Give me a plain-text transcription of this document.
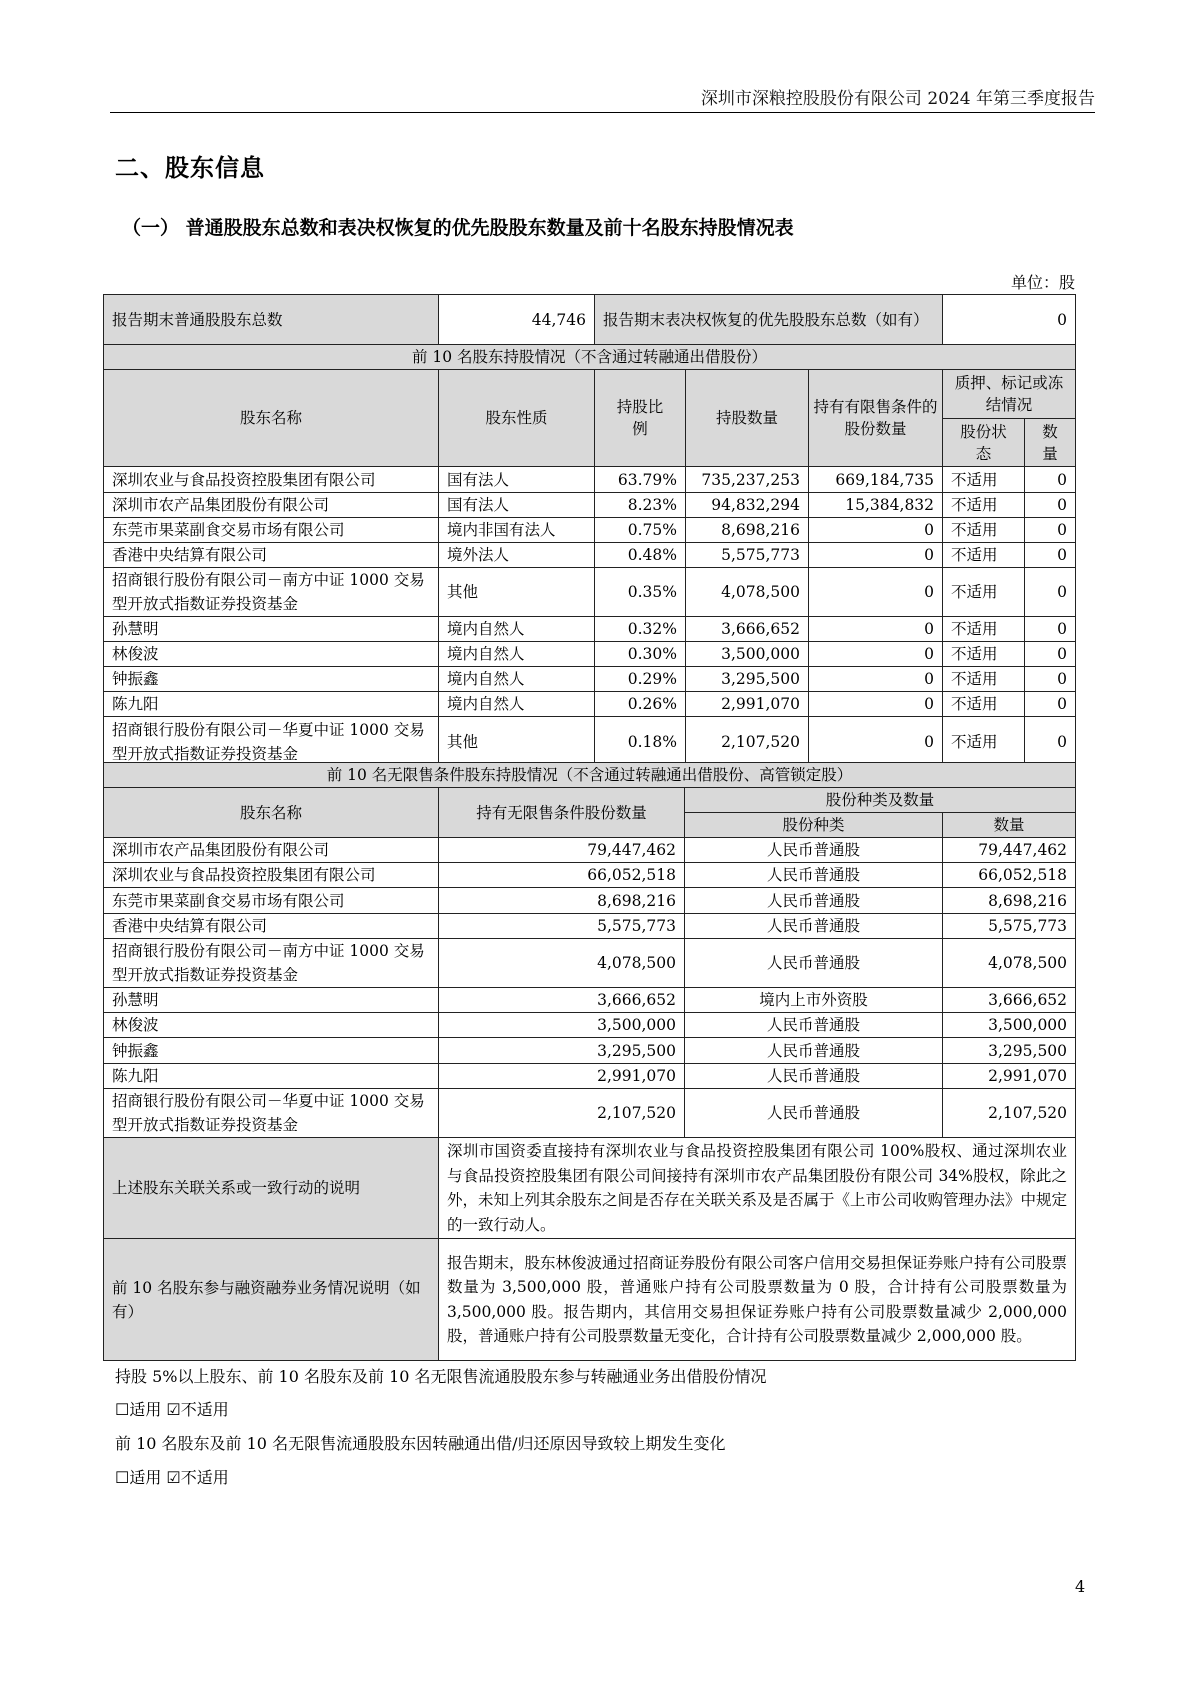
深圳市深粮控股股份有限公司 2024 年第三季度报告
二、股东信息
（一） 普通股股东总数和表决权恢复的优先股股东数量及前十名股东持股情况表
单位：股
报告期末普通股股东总数	44,746	报告期末表决权恢复的优先股股东总数（如有）			0	
前 10 名股东持股情况（不含通过转融通出借股份）						
股东名称	股东性质	持股比例	持股数量	持有有限售条件的股份数量	质押、标记或冻结情况	
					股份状态	数量
深圳农业与食品投资控股集团有限公司	国有法人	63.79%	735,237,253	669,184,735	不适用	0
深圳市农产品集团股份有限公司	国有法人	8.23%	94,832,294	15,384,832	不适用	0
东莞市果菜副食交易市场有限公司	境内非国有法人	0.75%	8,698,216	0	不适用	0
香港中央结算有限公司	境外法人	0.48%	5,575,773	0	不适用	0
招商银行股份有限公司－南方中证 1000 交易型开放式指数证券投资基金	其他	0.35%	4,078,500	0	不适用	0
孙慧明	境内自然人	0.32%	3,666,652	0	不适用	0
林俊波	境内自然人	0.30%	3,500,000	0	不适用	0
钟振鑫	境内自然人	0.29%	3,295,500	0	不适用	0
陈九阳	境内自然人	0.26%	2,991,070	0	不适用	0
招商银行股份有限公司－华夏中证 1000 交易型开放式指数证券投资基金	其他	0.18%	2,107,520	0	不适用	0
前 10 名无限售条件股东持股情况（不含通过转融通出借股份、高管锁定股）			
股东名称	持有无限售条件股份数量	股份种类及数量	
		股份种类	数量
深圳市农产品集团股份有限公司	79,447,462	人民币普通股	79,447,462
深圳农业与食品投资控股集团有限公司	66,052,518	人民币普通股	66,052,518
东莞市果菜副食交易市场有限公司	8,698,216	人民币普通股	8,698,216
香港中央结算有限公司	5,575,773	人民币普通股	5,575,773
招商银行股份有限公司－南方中证 1000 交易型开放式指数证券投资基金	4,078,500	人民币普通股	4,078,500
孙慧明	3,666,652	境内上市外资股	3,666,652
林俊波	3,500,000	人民币普通股	3,500,000
钟振鑫	3,295,500	人民币普通股	3,295,500
陈九阳	2,991,070	人民币普通股	2,991,070
招商银行股份有限公司－华夏中证 1000 交易型开放式指数证券投资基金	2,107,520	人民币普通股	2,107,520
上述股东关联关系或一致行动的说明	深圳市国资委直接持有深圳农业与食品投资控股集团有限公司 100%股权、通过深圳农业与食品投资控股集团有限公司间接持有深圳市农产品集团股份有限公司 34%股权，除此之外，未知上列其余股东之间是否存在关联关系及是否属于《上市公司收购管理办法》中规定的一致行动人。		
前 10 名股东参与融资融券业务情况说明（如有）	报告期末，股东林俊波通过招商证券股份有限公司客户信用交易担保证券账户持有公司股票数量为 3,500,000 股，普通账户持有公司股票数量为 0 股，合计持有公司股票数量为 3,500,000 股。报告期内，其信用交易担保证券账户持有公司股票数量减少 2,000,000 股，普通账户持有公司股票数量无变化，合计持有公司股票数量减少 2,000,000 股。		
持股 5%以上股东、前 10 名股东及前 10 名无限售流通股股东参与转融通业务出借股份情况
☐适用 ☑不适用
前 10 名股东及前 10 名无限售流通股股东因转融通出借/归还原因导致较上期发生变化
☐适用 ☑不适用
4
